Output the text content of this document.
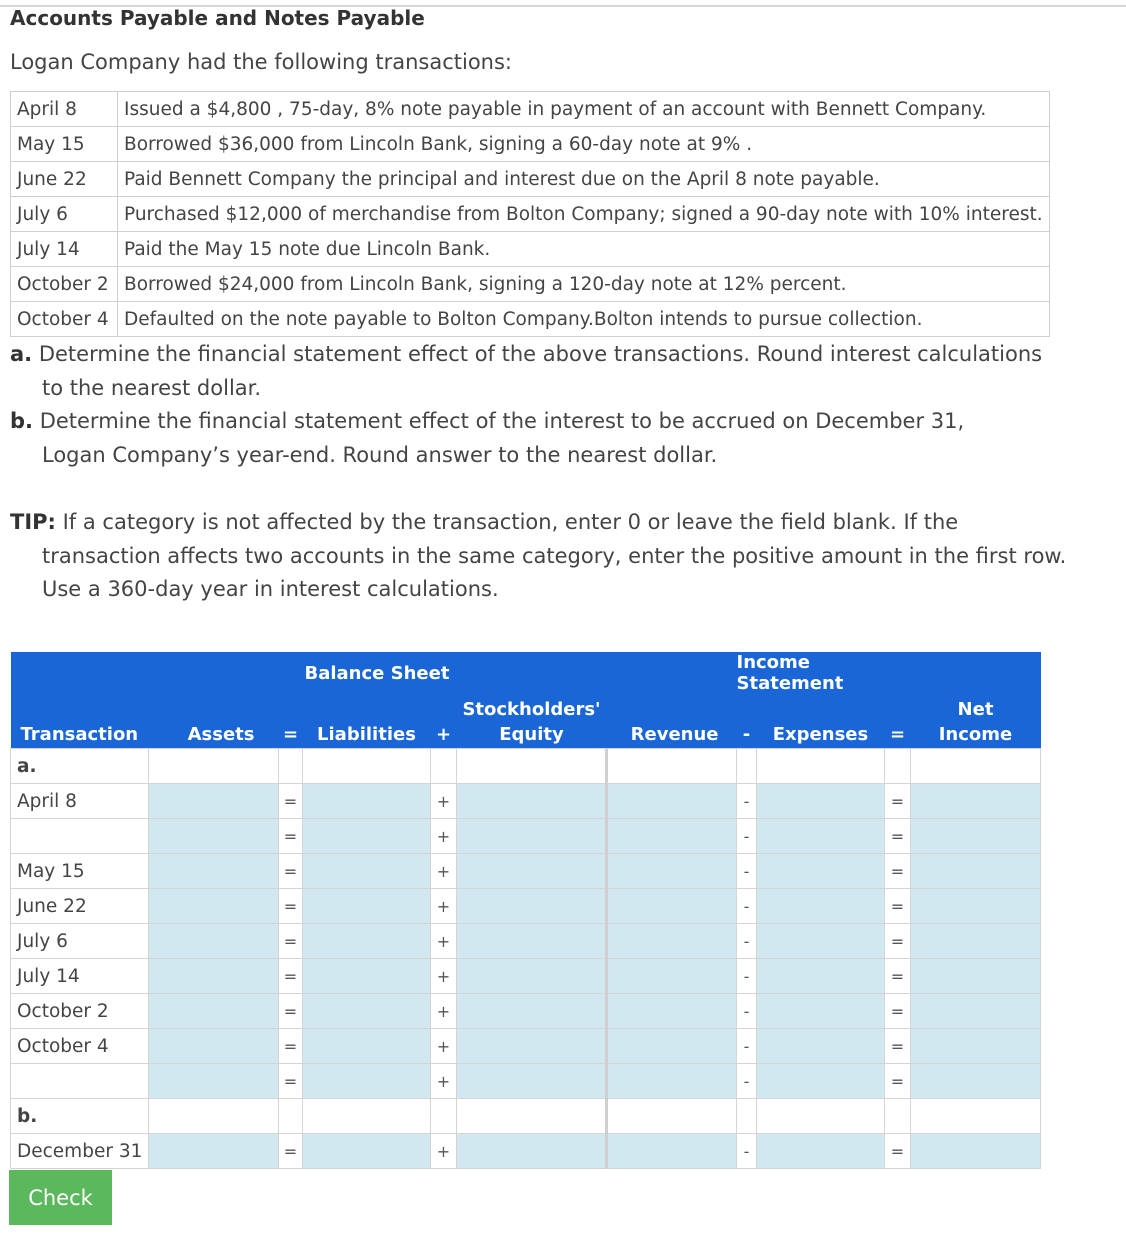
Accounts Payable and Notes Payable
Logan Company had the following transactions:
April 8	Issued a $4,800 , 75-day, 8% note payable in payment of an account with Bennett Company.
May 15	Borrowed $36,000 from Lincoln Bank, signing a 60-day note at 9% .
June 22	Paid Bennett Company the principal and interest due on the April 8 note payable.
July 6	Purchased $12,000 of merchandise from Bolton Company; signed a 90-day note with 10% interest.
July 14	Paid the May 15 note due Lincoln Bank.
October 2	Borrowed $24,000 from Lincoln Bank, signing a 120-day note at 12% percent.
October 4	Defaulted on the note payable to Bolton Company.Bolton intends to pursue collection.
a. Determine the financial statement effect of the above transactions. Round interest calculations
to the nearest dollar.
b. Determine the financial statement effect of the interest to be accrued on December 31,
Logan Company’s year-end. Round answer to the nearest dollar.
TIP: If a category is not affected by the transaction, enter 0 or leave the field blank. If the
transaction affects two accounts in the same category, enter the positive amount in the first row.
Use a 360-day year in interest calculations.
			Balance Sheet				Income Statement			
					Stockholders'					Net
Transaction	Assets	=	Liabilities	+	Equity	Revenue	-	Expenses	=	Income
a.										
April 8		=		+			-		=	
		=		+			-		=	
May 15		=		+			-		=	
June 22		=		+			-		=	
July 6		=		+			-		=	
July 14		=		+			-		=	
October 2		=		+			-		=	
October 4		=		+			-		=	
		=		+			-		=	
b.										
December 31		=		+			-		=	
Check
